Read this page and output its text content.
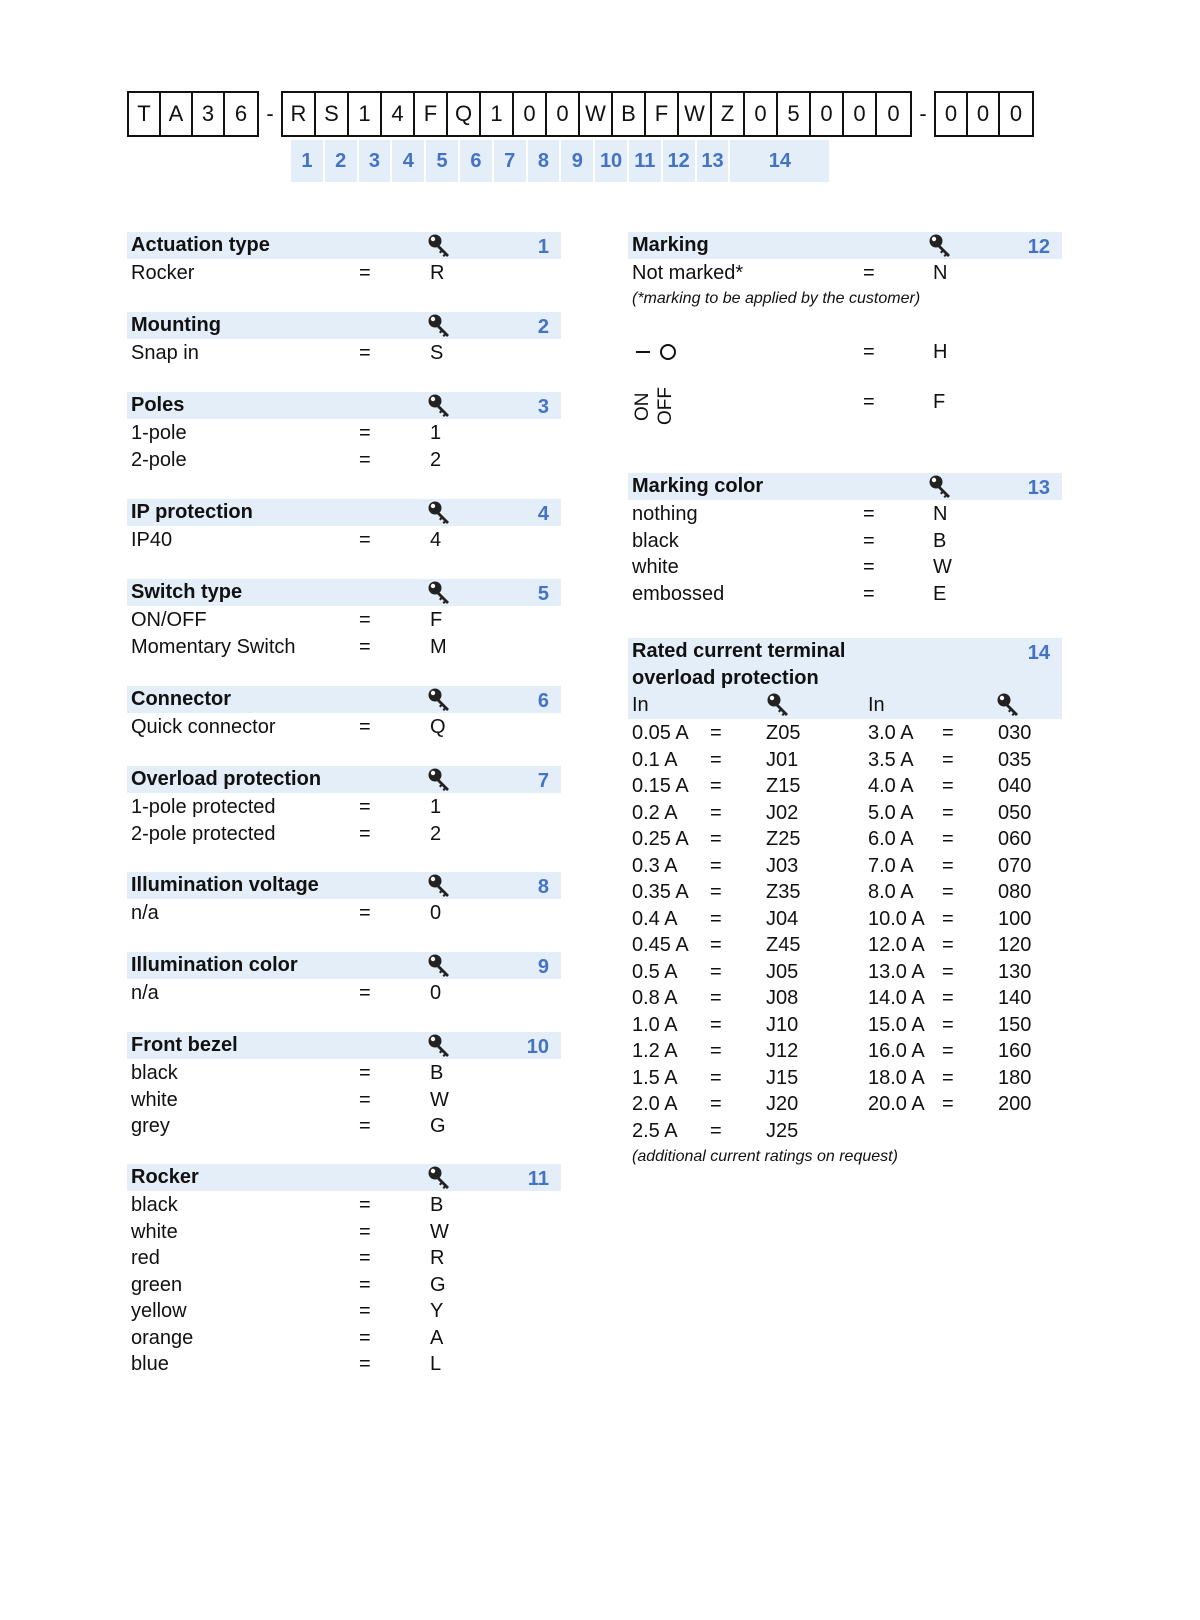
T A 3 6 - R S 1 4 F Q 1 0 0 W B F W Z 0 5 0 0 0 - 0 0 0
1	2	3	4	5	6	7	8	9 10 11 12 13	14
Actuation type	1
Rocker	=	R
Mounting	2
Snap in	=	S
Poles	3
1-pole	=	1
2-pole	=	2
IP protection	4
IP40	=	4
Switch type	5
ON/OFF	=	F
Momentary Switch	=	M
Connector	6
Quick connector	=	Q
Overload protection	7
1-pole protected	=	1
2-pole protected	=	2
Illumination voltage	8
n/a	=	0
Illumination color	9
n/a	=	0
Front bezel	10
black	=	B
white	=	W
grey	=	G
Rocker	11
black	=	B
white	=	W
red	=	R
green	=	G
yellow	=	Y
orange	=	A
blue	=	L
Marking	12
Not marked*	=	N
(*marking to be applied by the customer)
=	H
ON OFF	=	F
Marking color	13
nothing	=	N
black	=	B
white	=	W
embossed	=	E
Rated current terminal
overload protection
14
In	In
0.05 A = Z05	3.0 A = 030
0.1 A = J01	3.5 A = 035
0.15 A = Z15	4.0 A = 040
0.2 A = J02	5.0 A = 050
0.25 A = Z25	6.0 A = 060
0.3 A = J03	7.0 A = 070
0.35 A = Z35	8.0 A = 080
0.4 A = J04	10.0 A = 100
0.45 A = Z45	12.0 A = 120
0.5 A = J05	13.0 A = 130
0.8 A = J08	14.0 A = 140
1.0 A = J10	15.0 A = 150
1.2 A = J12	16.0 A = 160
1.5 A = J15	18.0 A = 180
2.0 A = J20	20.0 A = 200
2.5 A = J25
(additional current ratings on request)
